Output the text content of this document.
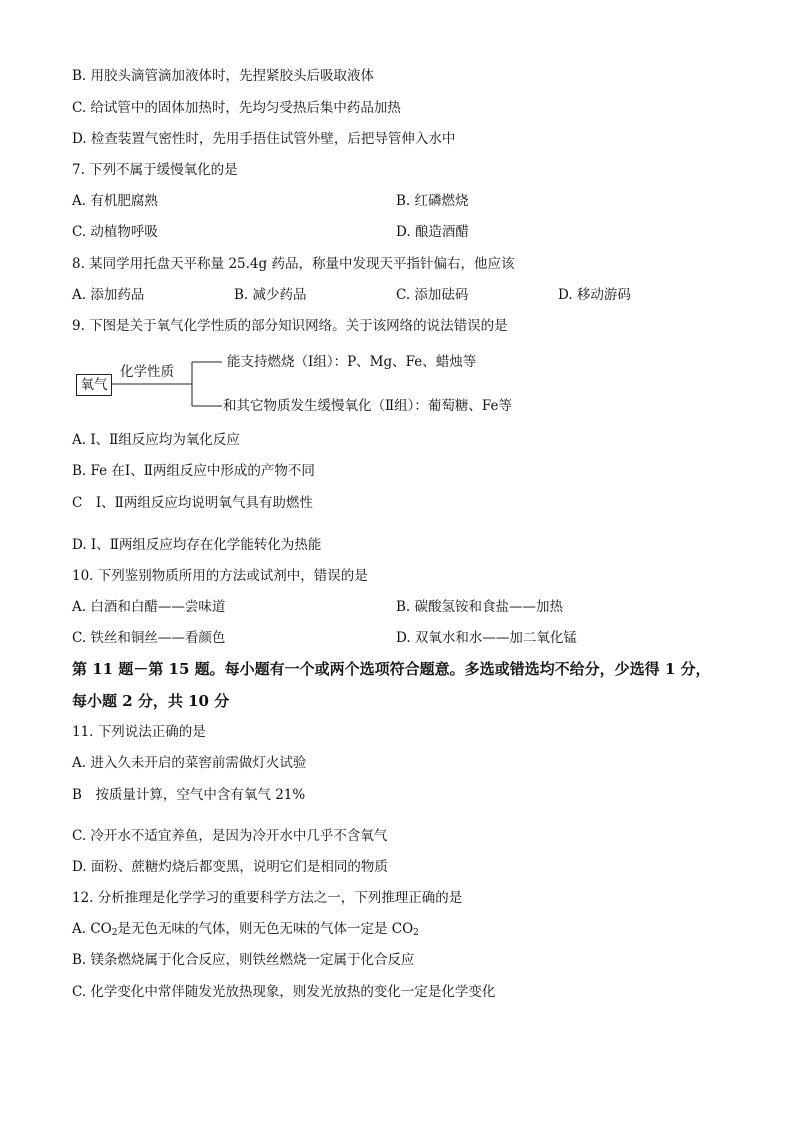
B. 用胶头滴管滴加液体时，先捏紧胶头后吸取液体
C. 给试管中的固体加热时，先均匀受热后集中药品加热
D. 检查装置气密性时，先用手捂住试管外壁，后把导管伸入水中
7. 下列不属于缓慢氧化的是
A. 有机肥腐熟	B. 红磷燃烧
C. 动植物呼吸	D. 酿造酒醋
8. 某同学用托盘天平称量 25.4g 药品，称量中发现天平指针偏右，他应该
A. 添加药品	B. 减少药品	C. 添加砝码	D. 移动游码
9. 下图是关于氧气化学性质的部分知识网络。关于该网络的说法错误的是
氧气
化学性质
能支持燃烧（Ⅰ组）：P、Mg、Fe、蜡烛等
和其它物质发生缓慢氧化（Ⅱ组）：葡萄糖、Fe等
A. Ⅰ、Ⅱ组反应均为氧化反应
B. Fe 在Ⅰ、Ⅱ两组反应中形成的产物不同
C　Ⅰ、Ⅱ两组反应均说明氧气具有助燃性
D. Ⅰ、Ⅱ两组反应均存在化学能转化为热能
10. 下列鉴别物质所用的方法或试剂中，错误的是
A. 白酒和白醋——尝味道	B. 碳酸氢铵和食盐——加热
C. 铁丝和铜丝——看颜色	D. 双氧水和水——加二氧化锰
第 11 题－第 15 题。每小题有一个或两个选项符合题意。多选或错选均不给分，少选得 1 分，
每小题 2 分，共 10 分
11. 下列说法正确的是
A. 进入久未开启的菜窖前需做灯火试验
B　按质量计算，空气中含有氧气 21%
C. 冷开水不适宜养鱼，是因为冷开水中几乎不含氧气
D. 面粉、蔗糖灼烧后都变黑，说明它们是相同的物质
12. 分析推理是化学学习的重要科学方法之一，下列推理正确的是
A. $CO_2$是无色无味的气体，则无色无味的气体一定是 $CO_2$
B. 镁条燃烧属于化合反应，则铁丝燃烧一定属于化合反应
C. 化学变化中常伴随发光放热现象，则发光放热的变化一定是化学变化
